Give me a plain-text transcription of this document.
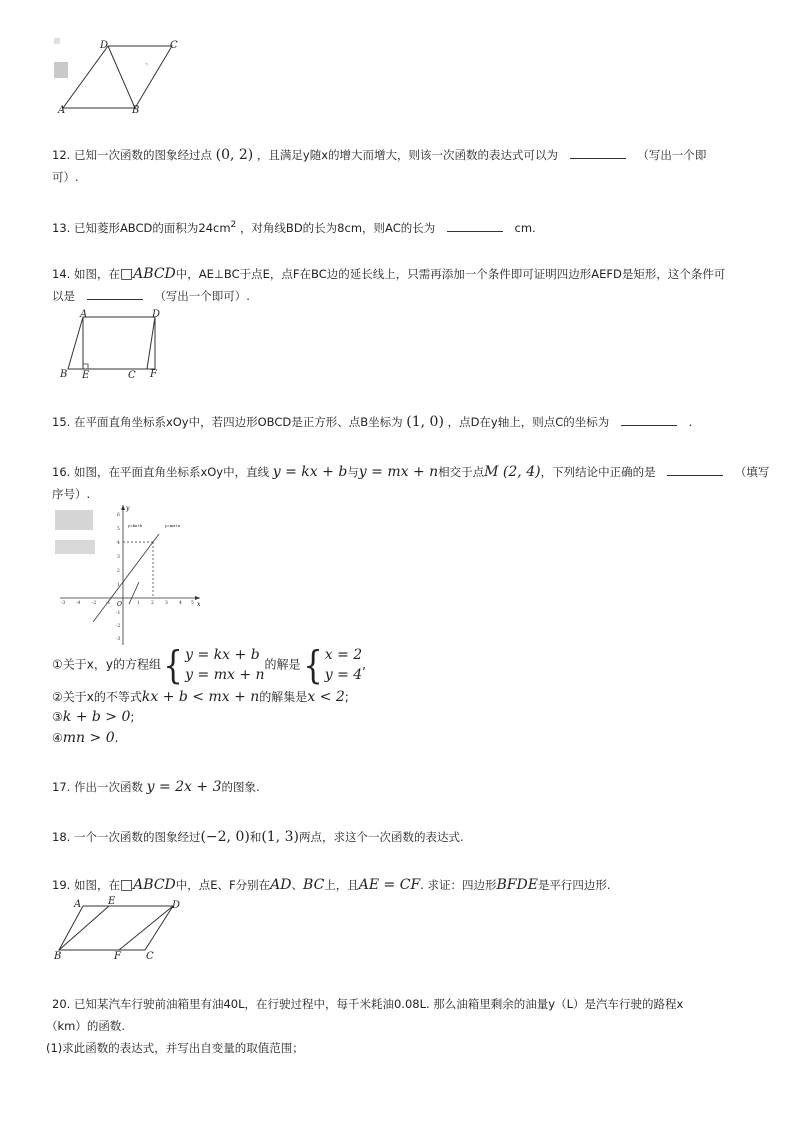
⌝
D	C
A	B
12. 已知一次函数的图象经过点 (0, 2) ，且满足y随x的增大而增大，则该一次函数的表达式可以为	（写出一个即
可）.
13. 已知菱形ABCD的面积为$24cm^2$ ，对角线BD的长为8cm，则AC的长为	cm.
14. 如图，在□ABCD中，AE⊥BC于点E，点F在BC边的延长线上，只需再添加一个条件即可证明四边形AEFD是矩形，这个条件可
以是	（写出一个即可）.
A	D
B E	C F
15. 在平面直角坐标系xOy中，若四边形OBCD是正方形、点B坐标为 (1, 0) ，点D在y轴上，则点C的坐标为	.
16. 如图，在平面直角坐标系xOy中，直线 y = kx + b与y = mx + n相交于点M (2, 4)，下列结论中正确的是	（填写
序号）.
y
x
O
y=kx+b	y=mx+n
-3 -4	-2 -1	1 2 3 4 5
6
5
4
3
2
1
-1
-2
-3
①关于x，y的方程组{ y = kx + b
y = mx + n的解是{ x = 2
y = 4,
②关于x的不等式kx + b < mx + n的解集是x < 2;
③k + b > 0;
④mn > 0.
17. 作出一次函数 y = 2x + 3的图象.
18. 一个一次函数的图象经过(−2, 0)和(1, 3)两点，求这个一次函数的表达式.
19. 如图，在□ABCD中，点E、F分别在AD、BC上，且AE = CF. 求证：四边形BFDE是平行四边形.
A	E	D
B	F	C
20. 已知某汽车行驶前油箱里有油40L，在行驶过程中，每千米耗油0.08L. 那么油箱里剩余的油量y（L）是汽车行驶的路程x
（km）的函数.
(1)求此函数的表达式，并写出自变量的取值范围；
